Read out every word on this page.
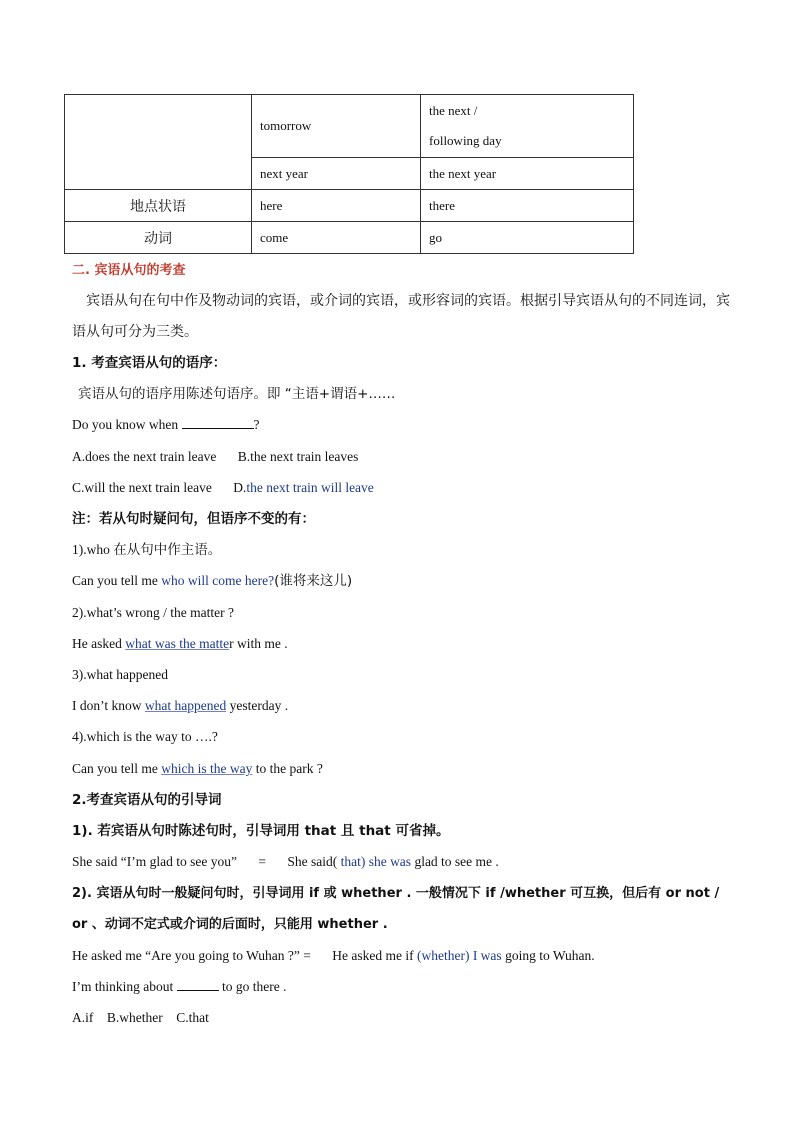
	tomorrow	the next /
following day

	next year	the next year
地点状语	here	there
动词	come	go
二. 宾语从句的考查
宾语从句在句中作及物动词的宾语，或介词的宾语，或形容词的宾语。根据引导宾语从句的不同连词，宾语从句可分为三类。
1. 考查宾语从句的语序：
宾语从句的语序用陈述句语序。即 “主语+谓语+……
Do you know when	?
A.does the next train leave B.the next train leaves
C.will the next train leave D.the next train will leave
注：若从句时疑问句，但语序不变的有：
1).who 在从句中作主语。
Can you tell me who will come here?(谁将来这儿)
2).what’s wrong / the matter ?
He asked what was the matter with me .
3).what happened
I don’t know what happened yesterday .
4).which is the way to ….?
Can you tell me which is the way to the park ?
2.考查宾语从句的引导词
1). 若宾语从句时陈述句时，引导词用 that 且 that 可省掉。
She said “I’m glad to see you” = She said( that) she was glad to see me .
2). 宾语从句时一般疑问句时，引导词用 if 或 whether . 一般情况下 if /whether 可互换，但后有 or not /
or 、动词不定式或介词的后面时，只能用 whether .
He asked me “Are you going to Wuhan ?” = He asked me if (whether) I was going to Wuhan.
I’m thinking about	to go there .
A.if    B.whether    C.that
